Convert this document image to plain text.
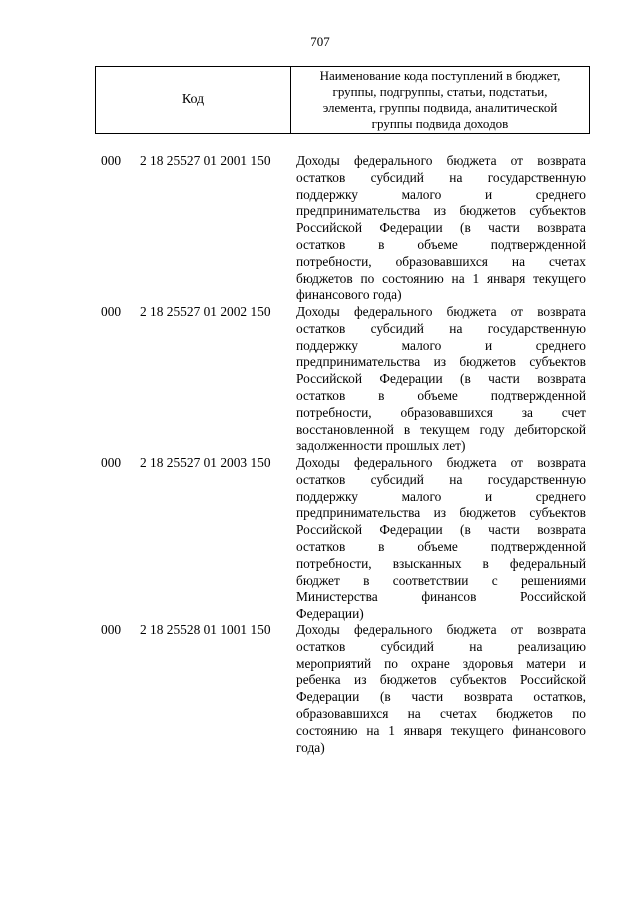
707
Код
Наименование кода поступлений в бюджет,
группы, подгруппы, статьи, подстатьи,
элемента, группы подвида, аналитической
группы подвида доходов
000 2 18 25527 01 2001 150 Доходы федерального бюджета от возврата
остатков субсидий на государственную
поддержку малого и среднего
предпринимательства из бюджетов субъектов
Российской Федерации (в части возврата
остатков в объеме подтвержденной
потребности, образовавшихся на счетах
бюджетов по состоянию на 1 января текущего
финансового года)
000 2 18 25527 01 2002 150 Доходы федерального бюджета от возврата
остатков субсидий на государственную
поддержку малого и среднего
предпринимательства из бюджетов субъектов
Российской Федерации (в части возврата
остатков в объеме подтвержденной
потребности, образовавшихся за счет
восстановленной в текущем году дебиторской
задолженности прошлых лет)
000 2 18 25527 01 2003 150 Доходы федерального бюджета от возврата
остатков субсидий на государственную
поддержку малого и среднего
предпринимательства из бюджетов субъектов
Российской Федерации (в части возврата
остатков в объеме подтвержденной
потребности, взысканных в федеральный
бюджет в соответствии с решениями
Министерства финансов Российской
Федерации)
000 2 18 25528 01 1001 150 Доходы федерального бюджета от возврата
остатков субсидий на реализацию
мероприятий по охране здоровья матери и
ребенка из бюджетов субъектов Российской
Федерации (в части возврата остатков,
образовавшихся на счетах бюджетов по
состоянию на 1 января текущего финансового
года)
